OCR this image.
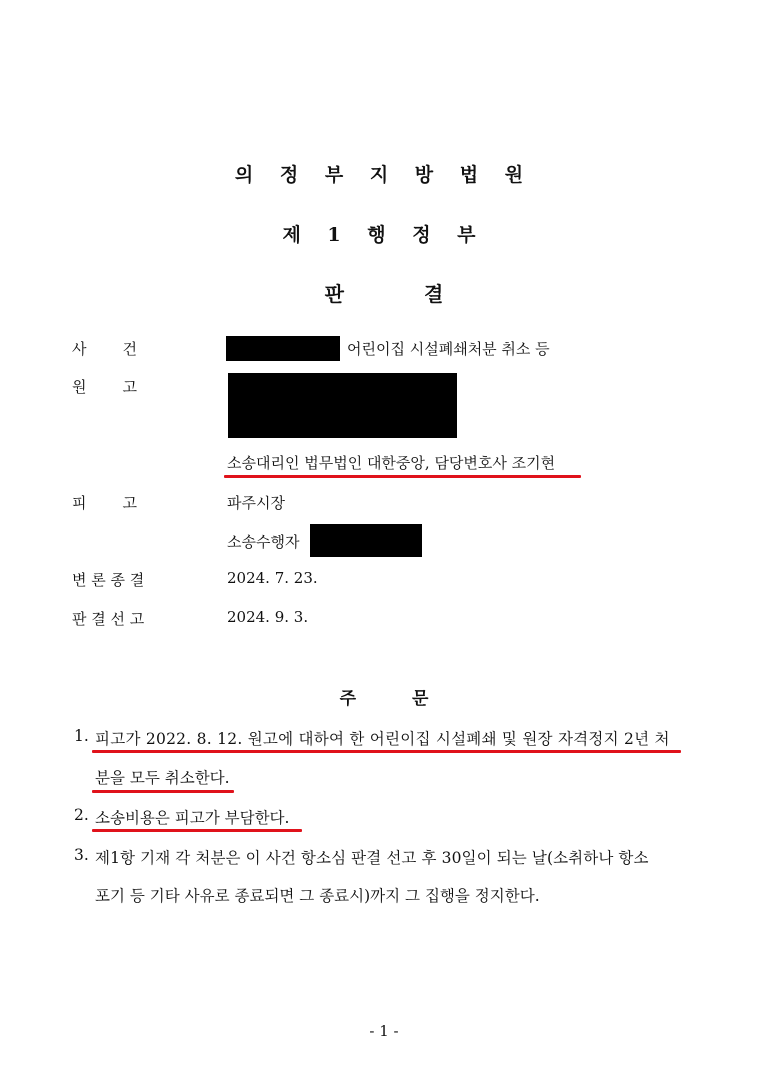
의 정 부 지 방 법 원
제 1 행 정 부
판	결
사　　건	어린이집 시설폐쇄처분 취소 등
원　　고
소송대리인 법무법인 대한중앙, 담당변호사 조기현
피　　고	파주시장
소송수행자
변 론 종 결	2024. 7. 23.
판 결 선 고	2024. 9. 3.
주	문
1. 피고가 2022. 8. 12. 원고에 대하여 한 어린이집 시설폐쇄 및 원장 자격정지 2년 처
분을 모두 취소한다.
2. 소송비용은 피고가 부담한다.
3. 제1항 기재 각 처분은 이 사건 항소심 판결 선고 후 30일이 되는 날(소취하나 항소
포기 등 기타 사유로 종료되면 그 종료시)까지 그 집행을 정지한다.
- 1 -
